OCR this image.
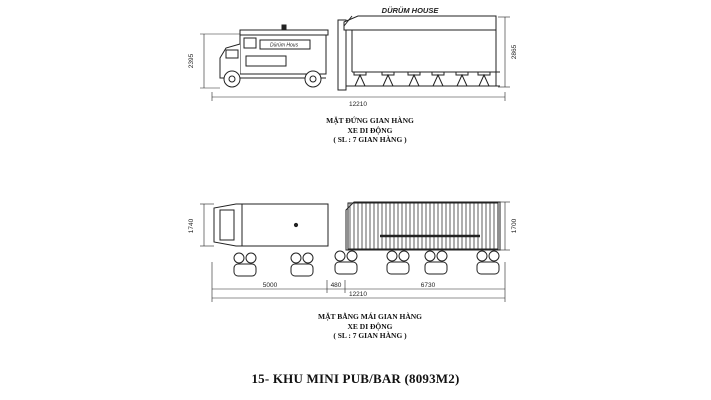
Dürüm Hous
DÜRÜM HOUSE
2395
2865
12210
1740	1700
5000	480	6730
12210
MẶT ĐỨNG GIAN HÀNG
XE DI ĐỘNG
( SL : 7 GIAN HÀNG )
MẶT BẰNG MÁI GIAN HÀNG
XE DI ĐỘNG
( SL : 7 GIAN HÀNG )
15- KHU MINI PUB/BAR (8093M2)
